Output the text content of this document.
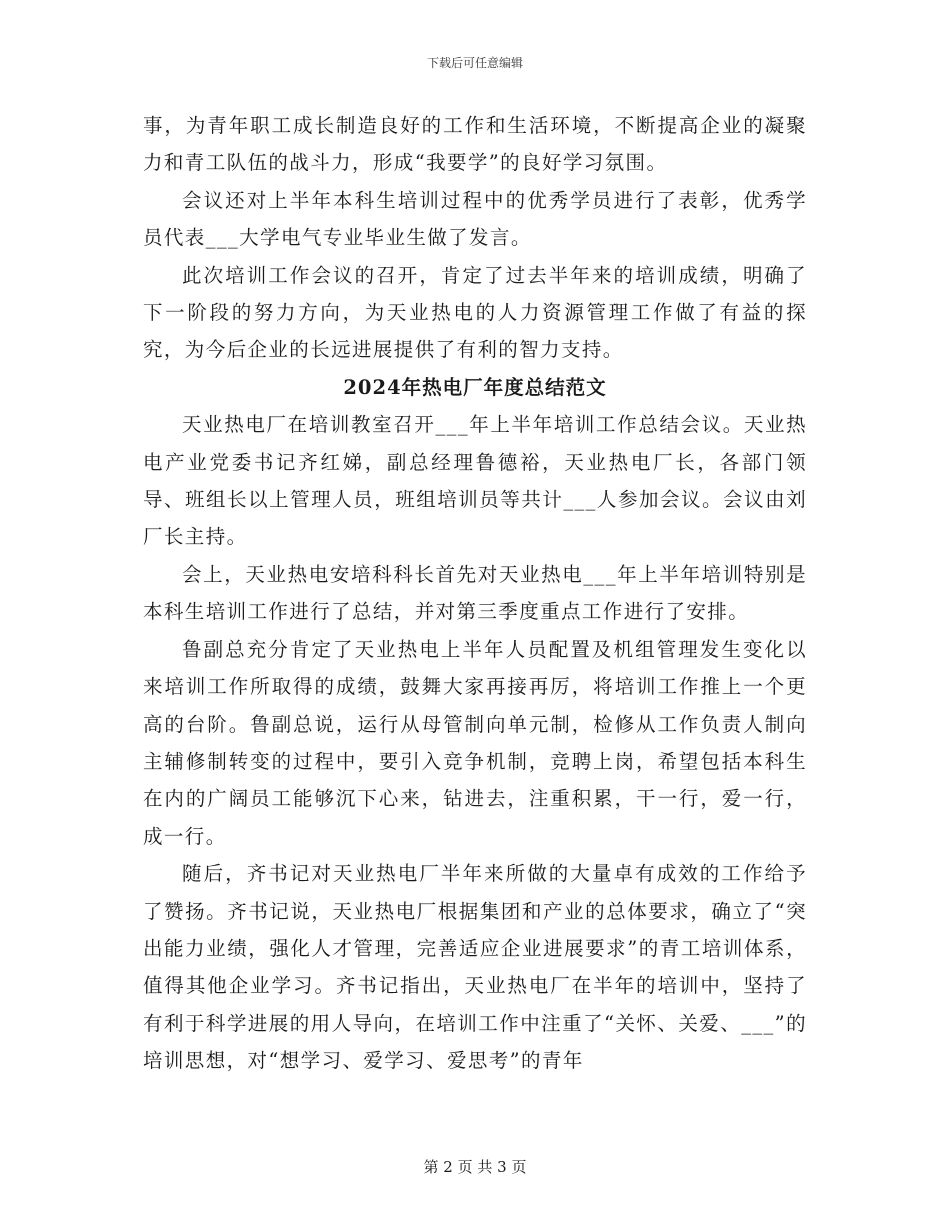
下载后可任意编辑

事，为青年职工成长制造良好的工作和生活环境，不断提高企业的凝聚力和青工队伍的战斗力，形成“我要学”的良好学习氛围。

会议还对上半年本科生培训过程中的优秀学员进行了表彰，优秀学员代表___大学电气专业毕业生做了发言。

此次培训工作会议的召开，肯定了过去半年来的培训成绩，明确了下一阶段的努力方向，为天业热电的人力资源管理工作做了有益的探究，为今后企业的长远进展提供了有利的智力支持。

2024年热电厂年度总结范文

天业热电厂在培训教室召开___年上半年培训工作总结会议。天业热电产业党委书记齐红娣，副总经理鲁德裕，天业热电厂长，各部门领导、班组长以上管理人员，班组培训员等共计___人参加会议。会议由刘厂长主持。

会上，天业热电安培科科长首先对天业热电___年上半年培训特别是本科生培训工作进行了总结，并对第三季度重点工作进行了安排。

鲁副总充分肯定了天业热电上半年人员配置及机组管理发生变化以来培训工作所取得的成绩，鼓舞大家再接再厉，将培训工作推上一个更高的台阶。鲁副总说，运行从母管制向单元制，检修从工作负责人制向主辅修制转变的过程中，要引入竞争机制，竞聘上岗，希望包括本科生在内的广阔员工能够沉下心来，钻进去，注重积累，干一行，爱一行，成一行。

随后，齐书记对天业热电厂半年来所做的大量卓有成效的工作给予了赞扬。齐书记说，天业热电厂根据集团和产业的总体要求，确立了“突出能力业绩，强化人才管理，完善适应企业进展要求”的青工培训体系，值得其他企业学习。齐书记指出，天业热电厂在半年的培训中，坚持了有利于科学进展的用人导向，在培训工作中注重了“关怀、关爱、___”的培训思想，对“想学习、爱学习、爱思考”的青年

第 2 页 共 3 页
